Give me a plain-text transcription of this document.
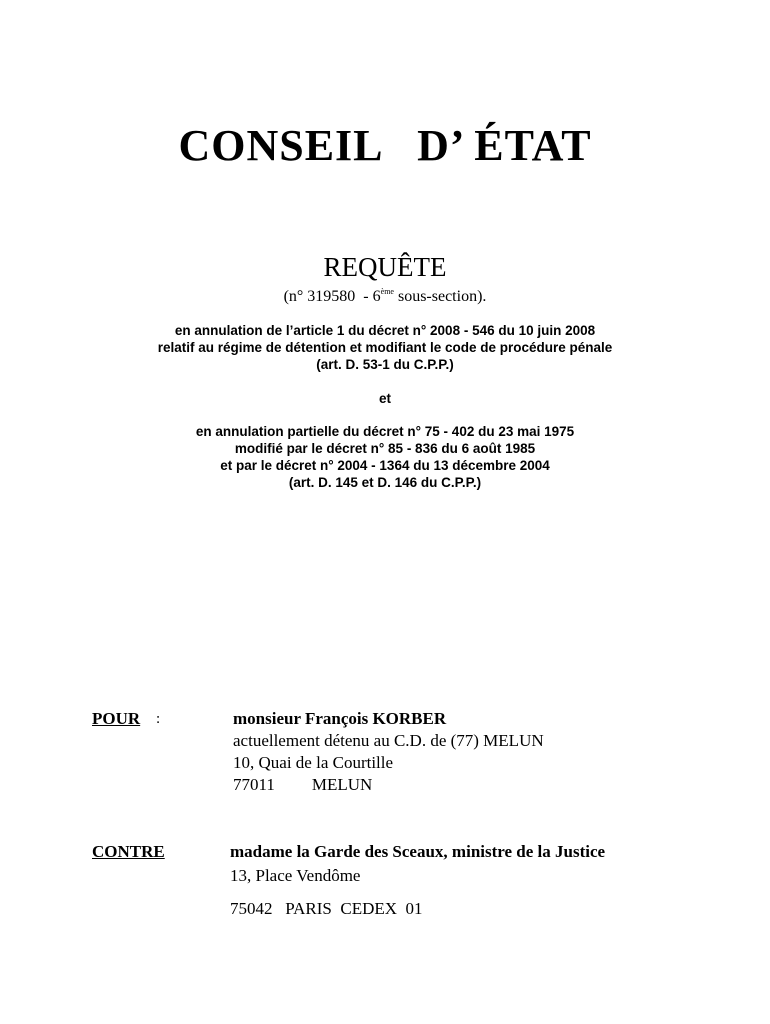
CONSEIL   D’ ÉTAT
REQUÊTE
(n° 319580  - 6ème sous-section).
en annulation de l’article 1 du décret n° 2008 - 546 du 10 juin 2008
relatif au régime de détention et modifiant le code de procédure pénale
(art. D. 53-1 du C.P.P.)
et
en annulation partielle du décret n° 75 - 402 du 23 mai 1975
modifié par le décret n° 85 - 836 du 6 août 1985
et par le décret n° 2004 - 1364 du 13 décembre 2004
(art. D. 145 et D. 146 du C.P.P.)
POUR :	monsieur François KORBER
actuellement détenu au C.D. de (77) MELUN
10, Quai de la Courtille
77011 MELUN
CONTRE	madame la Garde des Sceaux, ministre de la Justice
13, Place Vendôme
75042   PARIS  CEDEX  01
